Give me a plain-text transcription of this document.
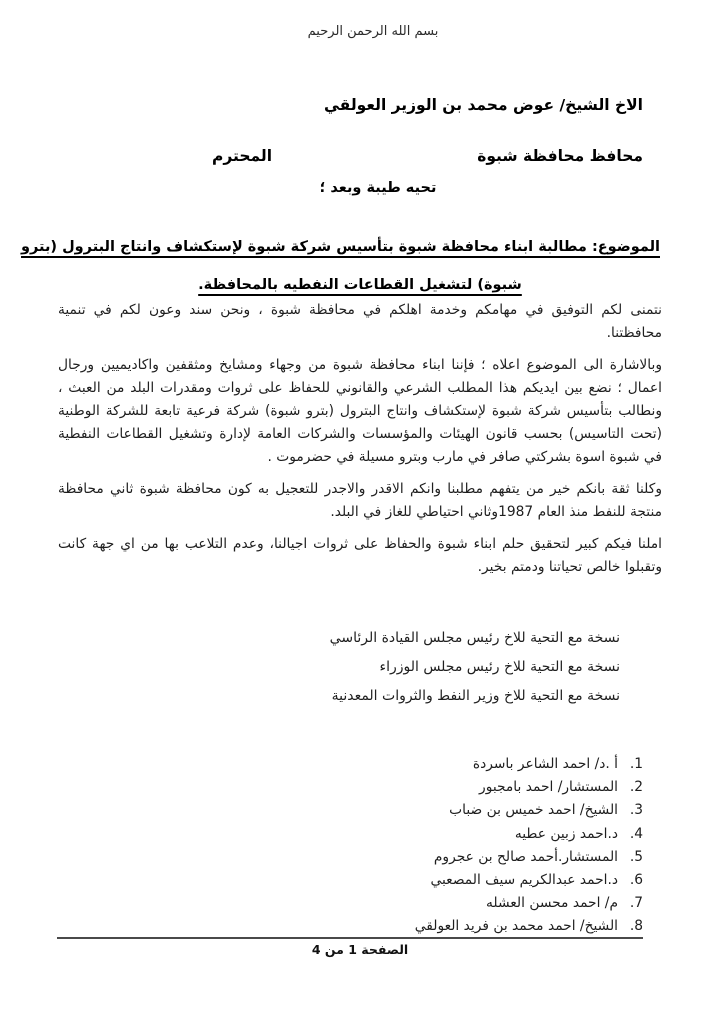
بسم الله الرحمن الرحيم
الاخ الشيخ/ عوض محمد بن الوزير العولقي
محافظ محافظة شبوة
المحترم
تحيه طيبة وبعد ؛
الموضوع: مطالبة ابناء محافظة شبوة بتأسيس شركة شبوة لإستكشاف وانتاج البترول (بترو
شبوة) لتشغيل القطاعات النفطيه بالمحافظة.

نتمنى لكم التوفيق في مهامكم وخدمة اهلكم في محافظة شبوة ، ونحن سند وعون لكم في تنمية محافظتنا.

وبالاشارة الى الموضوع اعلاه ؛ فإننا ابناء محافظة شبوة من وجهاء ومشايخ ومثقفين واكاديميين ورجال اعمال ؛ نضع بين ايديكم هذا المطلب الشرعي والقانوني للحفاظ على ثروات ومقدرات البلد من العبث ، ونطالب بتأسيس شركة شبوة لإستكشاف وانتاج البترول (بترو شبوة) شركة فرعية تابعة للشركة الوطنية (تحت التاسيس) بحسب قانون الهيئات والمؤسسات والشركات العامة لإدارة وتشغيل القطاعات النفطية في شبوة اسوة بشركتي صافر في مارب وبترو مسيلة في حضرموت .

وكلنا ثقة بانكم خير من يتفهم مطلبنا وانكم الاقدر والاجدر للتعجيل به كون محافظة شبوة ثاني محافظة منتجة للنفط منذ العام 1987وثاني احتياطي للغاز في البلد.

املنا فيكم كبير لتحقيق حلم ابناء شبوة والحفاظ على ثروات اجيالنا، وعدم التلاعب بها من اي جهة كانت وتقبلوا خالص تحياتنا ودمتم بخير.

نسخة مع التحية للاخ رئيس مجلس القيادة الرئاسي
نسخة مع التحية للاخ رئيس مجلس الوزراء
نسخة مع التحية للاخ وزير النفط والثروات المعدنية
1.
أ .د/ احمد الشاعر باسردة
2.
المستشار/ احمد بامجبور
3.
الشيخ/ احمد خميس بن ضباب
4.
د.احمد زبين عطيه
5.
المستشار.أحمد صالح بن عجروم
6.
د.احمد عبدالكريم سيف المصعبي
7.
م/ احمد محسن العشله
8.
الشيخ/ احمد محمد بن فريد العولقي
الصفحة 1 من 4
